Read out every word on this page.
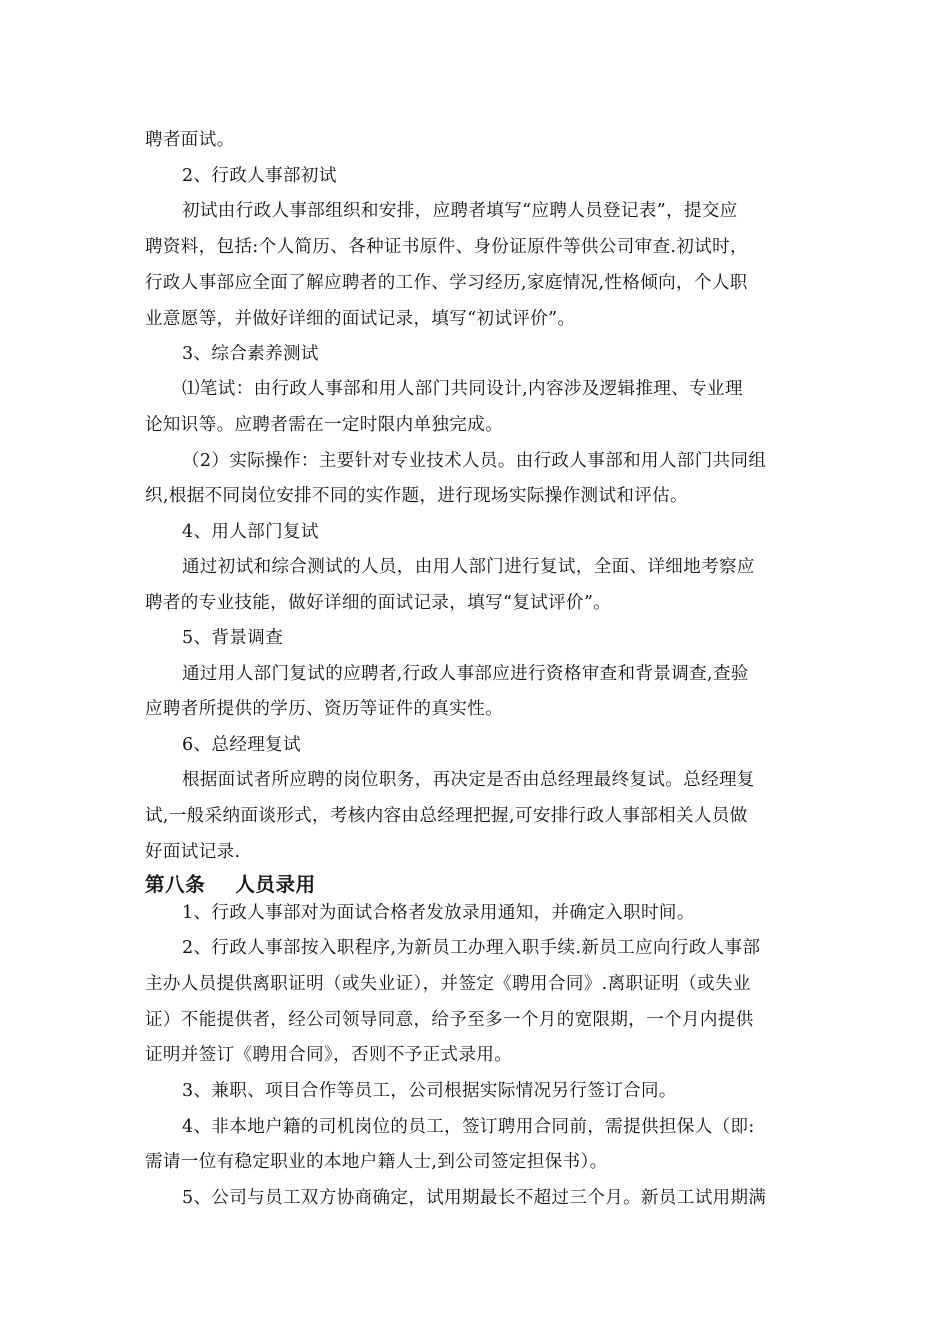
聘者面试。
2、行政人事部初试
初试由行政人事部组织和安排，应聘者填写“应聘人员登记表”，提交应
聘资料，包括:个人简历、各种证书原件、身份证原件等供公司审查.初试时，
行政人事部应全面了解应聘者的工作、学习经历,家庭情况,性格倾向，个人职
业意愿等，并做好详细的面试记录，填写“初试评价”。
3、综合素养测试
⑴笔试：由行政人事部和用人部门共同设计,内容涉及逻辑推理、专业理
论知识等。应聘者需在一定时限内单独完成。
（2）实际操作：主要针对专业技术人员。由行政人事部和用人部门共同组
织,根据不同岗位安排不同的实作题，进行现场实际操作测试和评估。
4、用人部门复试
通过初试和综合测试的人员，由用人部门进行复试，全面、详细地考察应
聘者的专业技能，做好详细的面试记录，填写“复试评价”。
5、背景调查
通过用人部门复试的应聘者,行政人事部应进行资格审查和背景调查,查验
应聘者所提供的学历、资历等证件的真实性。
6、总经理复试
根据面试者所应聘的岗位职务，再决定是否由总经理最终复试。总经理复
试,一般采纳面谈形式，考核内容由总经理把握,可安排行政人事部相关人员做
好面试记录.
第八条 人员录用
1、行政人事部对为面试合格者发放录用通知，并确定入职时间。
2、行政人事部按入职程序,为新员工办理入职手续.新员工应向行政人事部
主办人员提供离职证明（或失业证），并签定《聘用合同》.离职证明（或失业
证）不能提供者，经公司领导同意，给予至多一个月的宽限期，一个月内提供
证明并签订《聘用合同》，否则不予正式录用。
3、兼职、项目合作等员工，公司根据实际情况另行签订合同。
4、非本地户籍的司机岗位的员工，签订聘用合同前，需提供担保人（即:
需请一位有稳定职业的本地户籍人士,到公司签定担保书）。
5、公司与员工双方协商确定，试用期最长不超过三个月。新员工试用期满
